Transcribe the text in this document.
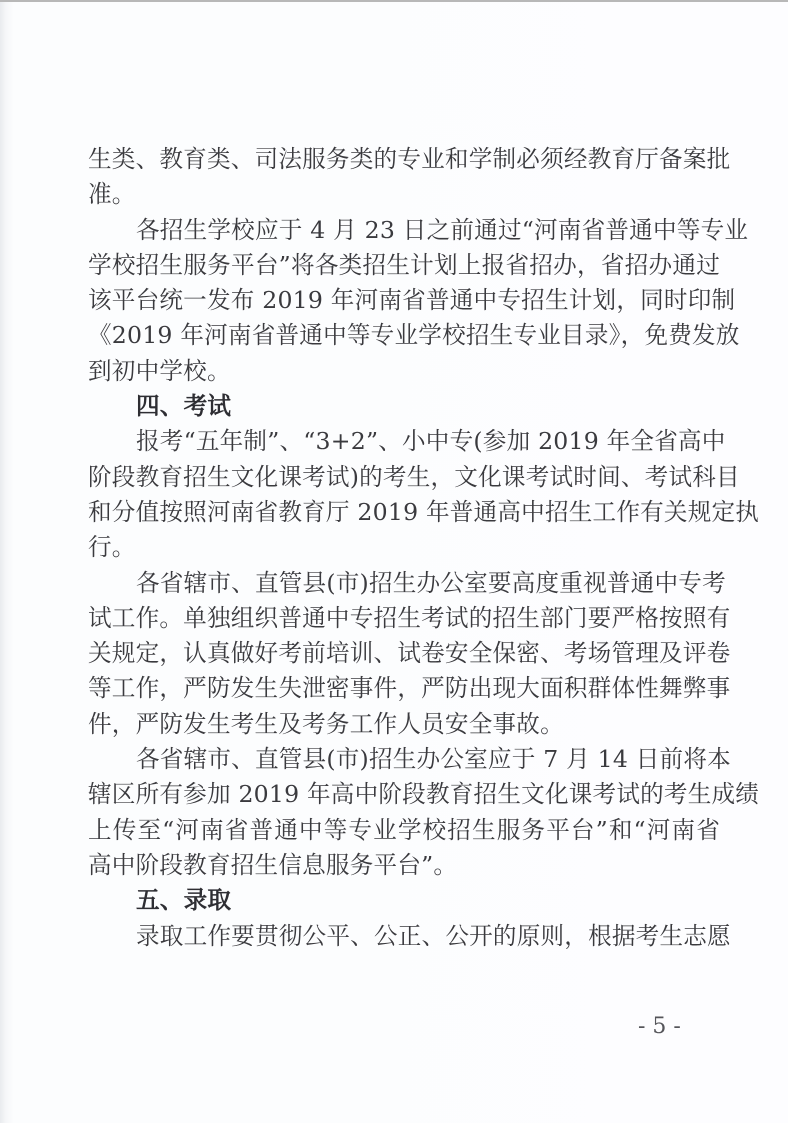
生类、教育类、司法服务类的专业和学制必须经教育厅备案批
准。
各招生学校应于 4 月 23 日之前通过“河南省普通中等专业
学校招生服务平台”将各类招生计划上报省招办，省招办通过
该平台统一发布 2019 年河南省普通中专招生计划，同时印制
《2019 年河南省普通中等专业学校招生专业目录》，免费发放
到初中学校。
四、考试
报考“五年制”、“3+2”、小中专(参加 2019 年全省高中
阶段教育招生文化课考试)的考生，文化课考试时间、考试科目
和分值按照河南省教育厅 2019 年普通高中招生工作有关规定执
行。
各省辖市、直管县(市)招生办公室要高度重视普通中专考
试工作。单独组织普通中专招生考试的招生部门要严格按照有
关规定，认真做好考前培训、试卷安全保密、考场管理及评卷
等工作，严防发生失泄密事件，严防出现大面积群体性舞弊事
件，严防发生考生及考务工作人员安全事故。
各省辖市、直管县(市)招生办公室应于 7 月 14 日前将本
辖区所有参加 2019 年高中阶段教育招生文化课考试的考生成绩
上传至“河南省普通中等专业学校招生服务平台”和“河南省
高中阶段教育招生信息服务平台”。
五、录取
录取工作要贯彻公平、公正、公开的原则，根据考生志愿
- 5 -
